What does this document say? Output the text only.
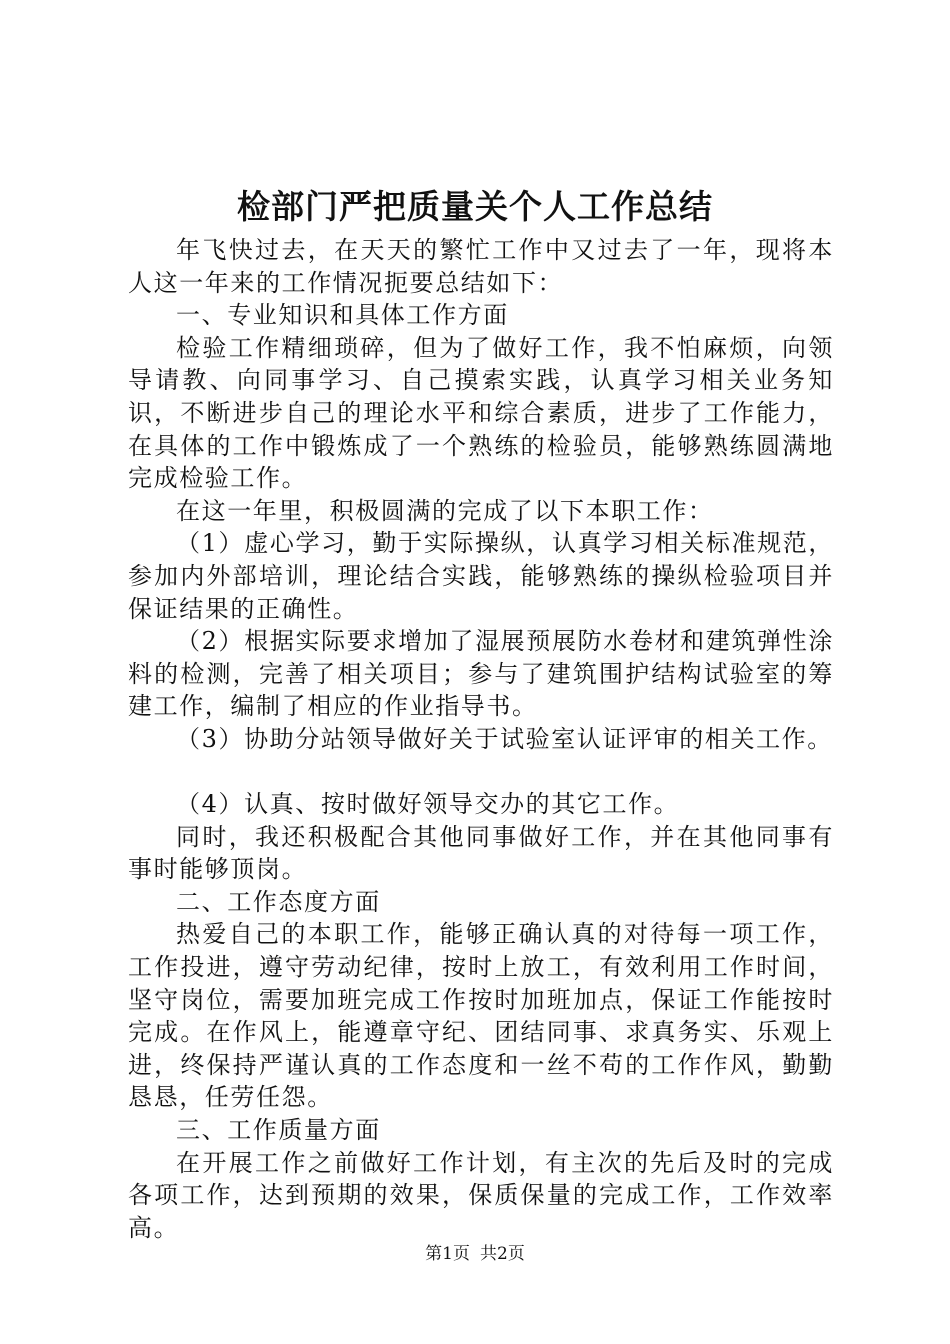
检部门严把质量关个人工作总结

年飞快过去，在天天的繁忙工作中又过去了一年，现将本人这一年来的工作情况扼要总结如下：

一、专业知识和具体工作方面

检验工作精细琐碎，但为了做好工作，我不怕麻烦，向领导请教、向同事学习、自己摸索实践，认真学习相关业务知识，不断进步自己的理论水平和综合素质，进步了工作能力，在具体的工作中锻炼成了一个熟练的检验员，能够熟练圆满地完成检验工作。

在这一年里，积极圆满的完成了以下本职工作：

（1）虚心学习，勤于实际操纵，认真学习相关标准规范，参加内外部培训，理论结合实践，能够熟练的操纵检验项目并保证结果的正确性。

（2）根据实际要求增加了湿展预展防水卷材和建筑弹性涂料的检测，完善了相关项目；参与了建筑围护结构试验室的筹建工作，编制了相应的作业指导书。

（3）协助分站领导做好关于试验室认证评审的相关工作。

（4）认真、按时做好领导交办的其它工作。

同时，我还积极配合其他同事做好工作，并在其他同事有事时能够顶岗。

二、工作态度方面

热爱自己的本职工作，能够正确认真的对待每一项工作，工作投进，遵守劳动纪律，按时上放工，有效利用工作时间，坚守岗位，需要加班完成工作按时加班加点，保证工作能按时完成。在作风上，能遵章守纪、团结同事、求真务实、乐观上进，终保持严谨认真的工作态度和一丝不苟的工作作风，勤勤恳恳，任劳任怨。

三、工作质量方面

在开展工作之前做好工作计划，有主次的先后及时的完成各项工作，达到预期的效果，保质保量的完成工作，工作效率高。

第1页 共2页
